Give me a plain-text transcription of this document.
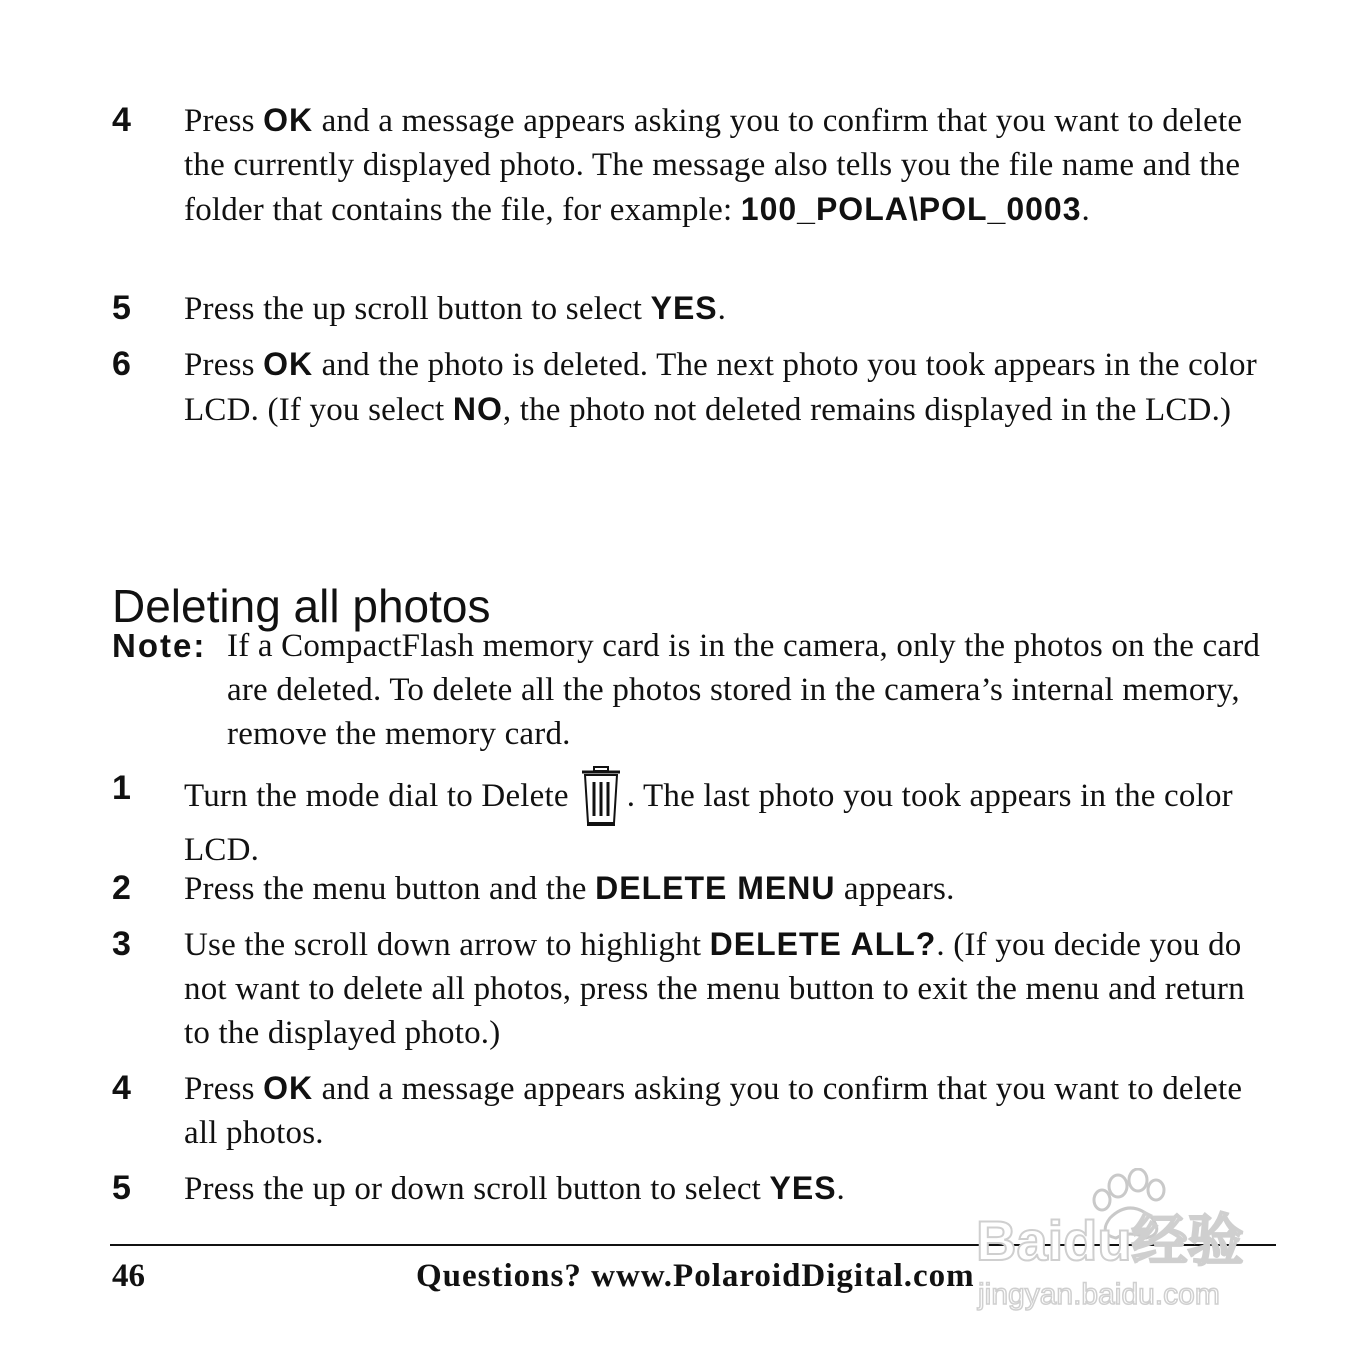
4 Press OK and a message appears asking you to confirm that you want to delete the currently displayed photo. The message also tells you the file name and the folder that contains the file, for example: 100_POLA\POL_0003.
5 Press the up scroll button to select YES.
6 Press OK and the photo is deleted. The next photo you took appears in the color LCD. (If you select NO, the photo not deleted remains displayed in the LCD.)
Deleting all photos
Note: If a CompactFlash memory card is in the camera, only the photos on the card are deleted. To delete all the photos stored in the camera’s internal memory, remove the memory card.
1 Turn the mode dial to Delete . The last photo you took appears in the color LCD.
2 Press the menu button and the DELETE MENU appears.
3 Use the scroll down arrow to highlight DELETE ALL?. (If you decide you do not want to delete all photos, press the menu button to exit the menu and return to the displayed photo.)
4 Press OK and a message appears asking you to confirm that you want to delete all photos.
5 Press the up or down scroll button to select YES.
46	Questions? www.PolaroidDigital.com
Baidu经验
jingyan.baidu.com
